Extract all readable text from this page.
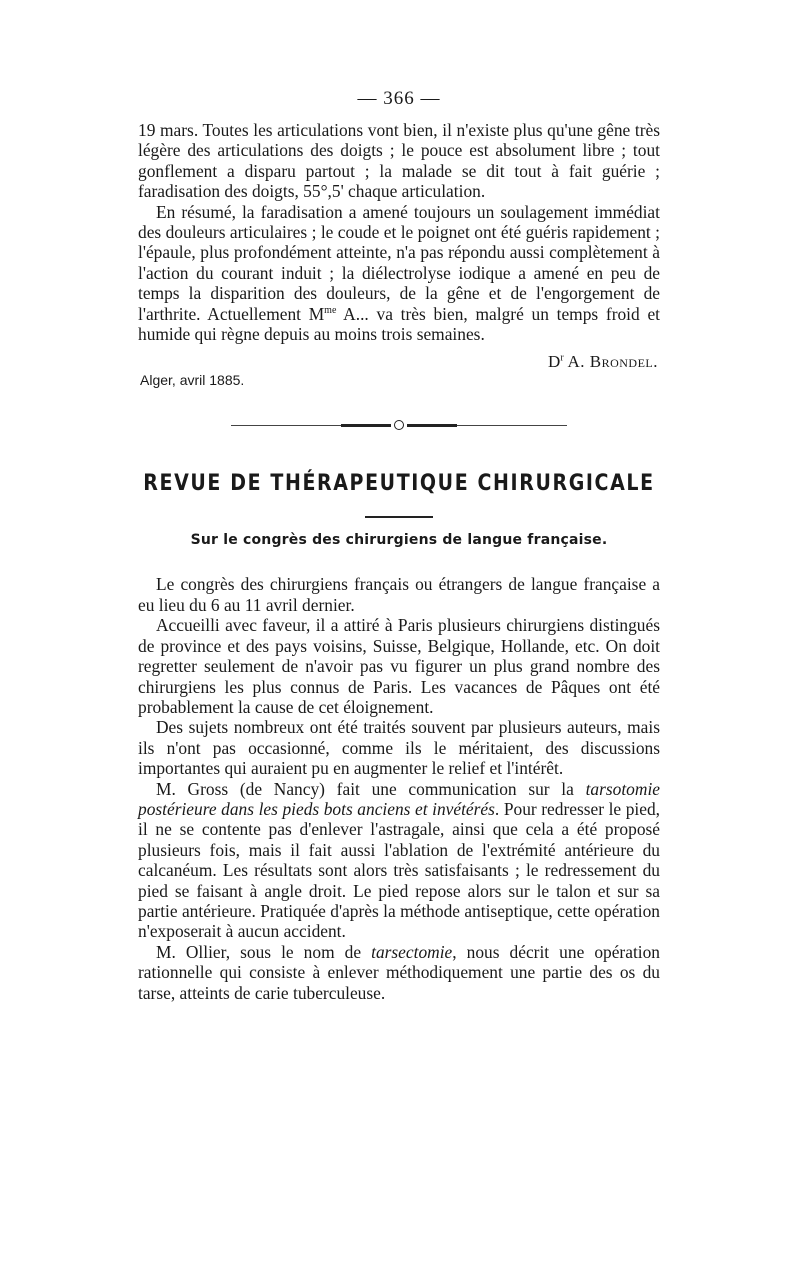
— 366 —

19 mars. Toutes les articulations vont bien, il n'existe plus qu'une gêne très légère des articulations des doigts ; le pouce est absolument libre ; tout gonflement a disparu partout ; la malade se dit tout à fait guérie ; faradisation des doigts, 55°,5' chaque articulation.

En résumé, la faradisation a amené toujours un soulagement immédiat des douleurs articulaires ; le coude et le poignet ont été guéris rapidement ; l'épaule, plus profondément atteinte, n'a pas répondu aussi complètement à l'action du courant induit ; la diélectrolyse iodique a amené en peu de temps la disparition des douleurs, de la gêne et de l'engorgement de l'arthrite. Actuellement $M^{me}$ A... va très bien, malgré un temps froid et humide qui règne depuis au moins trois semaines.

$D^r$ A. Brondel.
Alger, avril 1885.
REVUE DE THÉRAPEUTIQUE CHIRURGICALE
Sur le congrès des chirurgiens de langue française.

Le congrès des chirurgiens français ou étrangers de langue française a eu lieu du 6 au 11 avril dernier.

Accueilli avec faveur, il a attiré à Paris plusieurs chirurgiens distingués de province et des pays voisins, Suisse, Belgique, Hollande, etc. On doit regretter seulement de n'avoir pas vu figurer un plus grand nombre des chirurgiens les plus connus de Paris. Les vacances de Pâques ont été probablement la cause de cet éloignement.

Des sujets nombreux ont été traités souvent par plusieurs auteurs, mais ils n'ont pas occasionné, comme ils le méritaient, des discussions importantes qui auraient pu en augmenter le relief et l'intérêt.

M. Gross (de Nancy) fait une communication sur la tarsotomie postérieure dans les pieds bots anciens et invétérés. Pour redresser le pied, il ne se contente pas d'enlever l'astragale, ainsi que cela a été proposé plusieurs fois, mais il fait aussi l'ablation de l'extrémité antérieure du calcanéum. Les résultats sont alors très satisfaisants ; le redressement du pied se faisant à angle droit. Le pied repose alors sur le talon et sur sa partie antérieure. Pratiquée d'après la méthode antiseptique, cette opération n'exposerait à aucun accident.

M. Ollier, sous le nom de tarsectomie, nous décrit une opération rationnelle qui consiste à enlever méthodiquement une partie des os du tarse, atteints de carie tuberculeuse.
